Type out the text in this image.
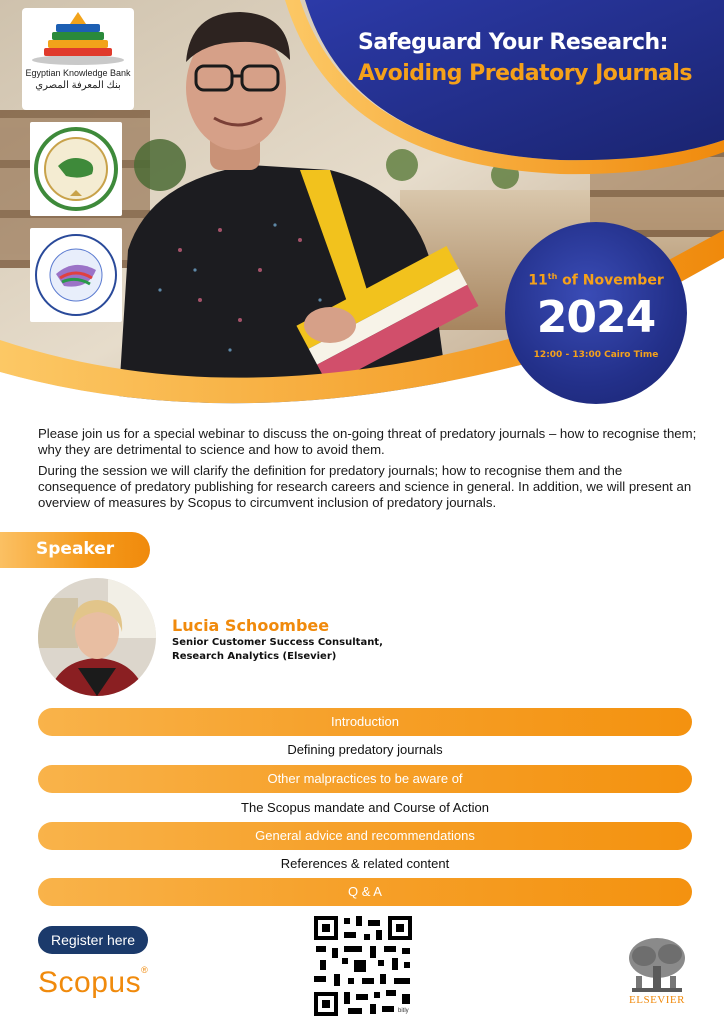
Egyptian Knowledge Bank
بنك المعرفة المصري
Safeguard Your Research:
Avoiding Predatory Journals
11th of November
2024
12:00 - 13:00 Cairo Time

Please join us for a special webinar to discuss the on-going threat of predatory journals – how to recognise them; why they are detrimental to science and how to avoid them.

During the session we will clarify the definition for predatory journals; how to recognise them and the consequence of predatory publishing for research careers and science in general. In addition, we will present an overview of measures by Scopus to circumvent inclusion of predatory journals.

Speaker
Lucia Schoombee
Senior Customer Success Consultant,
Research Analytics (Elsevier)
Introduction
Defining predatory journals
Other malpractices to be aware of
The Scopus mandate and Course of Action
General advice and recommendations
References & related content
Q & A
Register here
Scopus®
bitly
ELSEVIER
